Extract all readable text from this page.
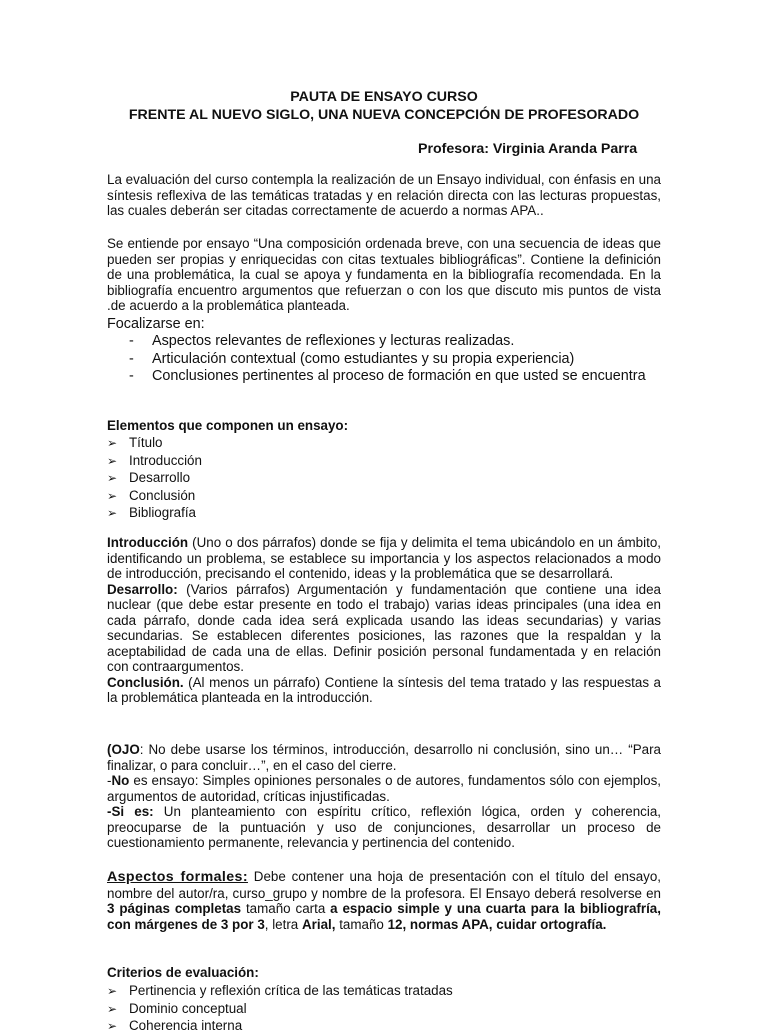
PAUTA DE ENSAYO CURSO
FRENTE AL NUEVO SIGLO, UNA NUEVA CONCEPCIÓN DE PROFESORADO
Profesora: Virginia Aranda Parra

La evaluación del curso contempla la realización de un Ensayo individual, con énfasis en una síntesis reflexiva de las temáticas tratadas y en relación directa con las lecturas propuestas, las cuales deberán ser citadas correctamente de acuerdo a normas APA..

Se entiende por ensayo “Una composición ordenada breve, con una secuencia de ideas que pueden ser propias y enriquecidas con citas textuales bibliográficas”. Contiene la definición de una problemática, la cual se apoya y fundamenta en la bibliografía recomendada. En la bibliografía encuentro argumentos que refuerzan o con los que discuto mis puntos de vista .de acuerdo a la problemática planteada.

Focalizarse en:

- Aspectos relevantes de reflexiones y lecturas realizadas.
- Articulación contextual (como estudiantes y su propia experiencia)
- Conclusiones pertinentes al proceso de formación en que usted se encuentra

Elementos que componen un ensayo:

➢ Título
➢ Introducción
➢ Desarrollo
➢ Conclusión
➢ Bibliografía
Introducción (Uno o dos párrafos) donde se fija y delimita el tema ubicándolo en un ámbito, identificando un problema, se establece su importancia y los aspectos relacionados a modo de introducción, precisando el contenido, ideas y la problemática que se desarrollará.
Desarrollo: (Varios párrafos) Argumentación y fundamentación que contiene una idea nuclear (que debe estar presente en todo el trabajo) varias ideas principales (una idea en cada párrafo, donde cada idea será explicada usando las ideas secundarias) y varias secundarias. Se establecen diferentes posiciones, las razones que la respaldan y la aceptabilidad de cada una de ellas. Definir posición personal fundamentada y en relación con contraargumentos.
Conclusión. (Al menos un párrafo) Contiene la síntesis del tema tratado y las respuestas a la problemática planteada en la introducción.
(OJO: No debe usarse los términos, introducción, desarrollo ni conclusión, sino un… “Para finalizar, o para concluir…”, en el caso del cierre.
-No es ensayo: Simples opiniones personales o de autores, fundamentos sólo con ejemplos, argumentos de autoridad, críticas injustificadas.
-Si es: Un planteamiento con espíritu crítico, reflexión lógica, orden y coherencia, preocuparse de la puntuación y uso de conjunciones, desarrollar un proceso de cuestionamiento permanente, relevancia y pertinencia del contenido.

Aspectos formales: Debe contener una hoja de presentación con el título del ensayo, nombre del autor/ra, curso_grupo y nombre de la profesora. El Ensayo deberá resolverse en 3 páginas completas tamaño carta a espacio simple y una cuarta para la bibliografría, con márgenes de 3 por 3, letra Arial, tamaño 12, normas APA, cuidar ortografía.

Criterios de evaluación:

➢ Pertinencia y reflexión crítica de las temáticas tratadas
➢ Dominio conceptual
➢ Coherencia interna
